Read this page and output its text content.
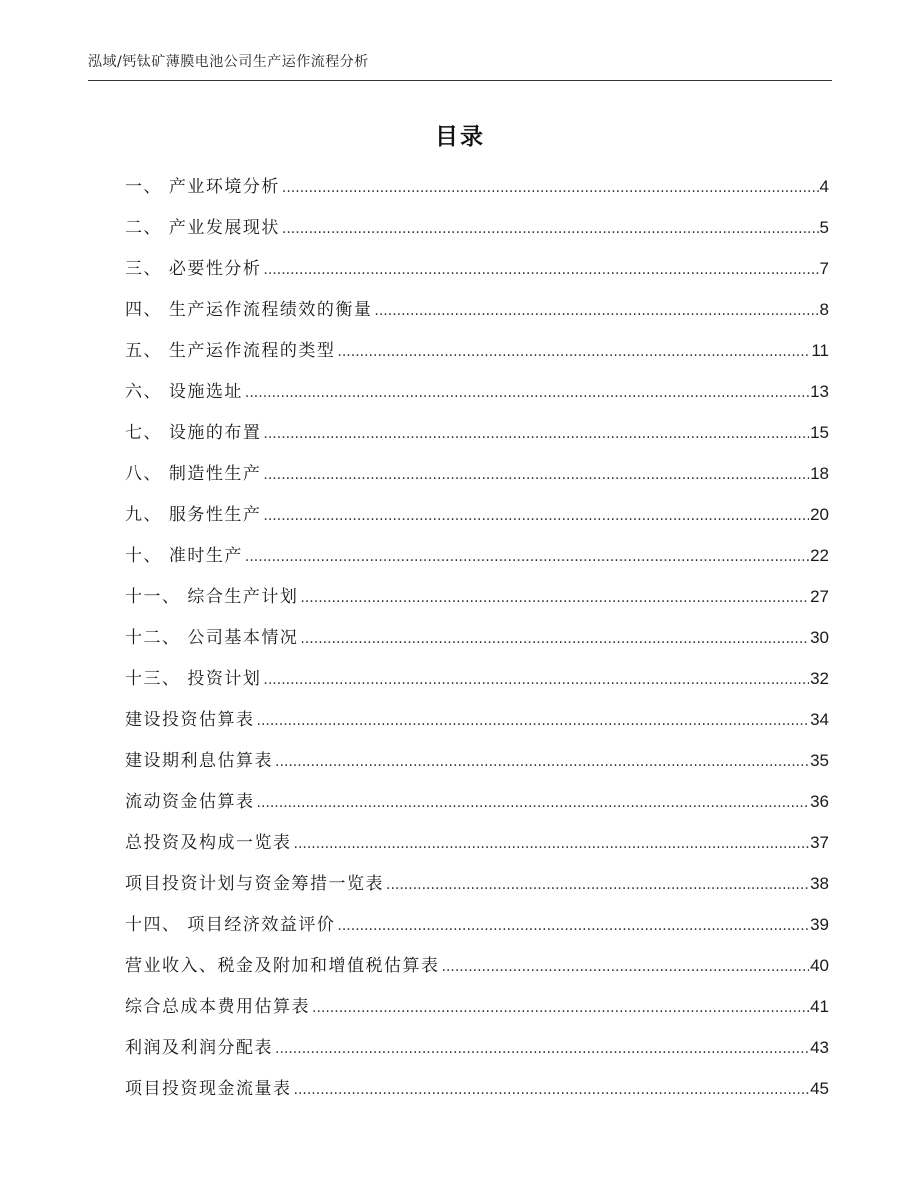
泓域/钙钛矿薄膜电池公司生产运作流程分析
目录
一、 产业环境分析 .....	4
二、 产业发展现状 .....	5
三、 必要性分析 .....	7
四、 生产运作流程绩效的衡量 .....	8
五、 生产运作流程的类型 .....	11
六、 设施选址 .....	13
七、 设施的布置 .....	15
八、 制造性生产 .....	18
九、 服务性生产 .....	20
十、 准时生产 .....	22
十一、 综合生产计划 .....	27
十二、 公司基本情况 .....	30
十三、 投资计划 .....	32
建设投资估算表 .....	34
建设期利息估算表 .....	35
流动资金估算表 .....	36
总投资及构成一览表 .....	37
项目投资计划与资金筹措一览表 .....	38
十四、 项目经济效益评价 .....	39
营业收入、税金及附加和增值税估算表 .....	40
综合总成本费用估算表 .....	41
利润及利润分配表 .....	43
项目投资现金流量表 .....	45
